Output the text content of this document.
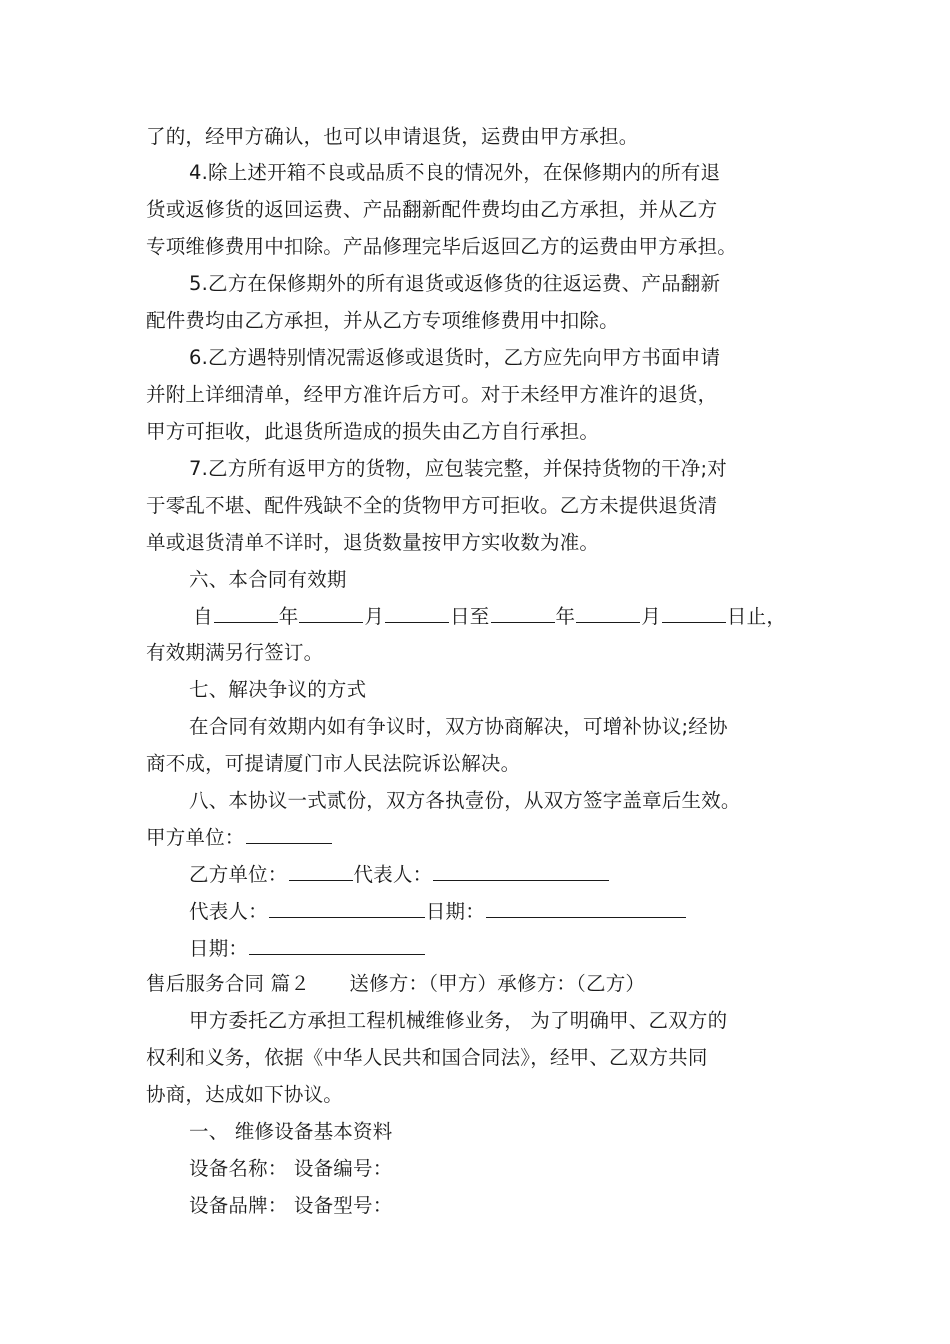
了的，经甲方确认，也可以申请退货，运费由甲方承担。
4.除上述开箱不良或品质不良的情况外，在保修期内的所有退
货或返修货的返回运费、产品翻新配件费均由乙方承担，并从乙方
专项维修费用中扣除。产品修理完毕后返回乙方的运费由甲方承担。
5.乙方在保修期外的所有退货或返修货的往返运费、产品翻新
配件费均由乙方承担，并从乙方专项维修费用中扣除。
6.乙方遇特别情况需返修或退货时，乙方应先向甲方书面申请
并附上详细清单，经甲方准许后方可。对于未经甲方准许的退货，
甲方可拒收，此退货所造成的损失由乙方自行承担。
7.乙方所有返甲方的货物，应包装完整，并保持货物的干净;对
于零乱不堪、配件残缺不全的货物甲方可拒收。乙方未提供退货清
单或退货清单不详时，退货数量按甲方实收数为准。
六、本合同有效期
自	年	月	日至	年	月	日止，
有效期满另行签订。
七、解决争议的方式
在合同有效期内如有争议时，双方协商解决，可增补协议;经协
商不成，可提请厦门市人民法院诉讼解决。
八、本协议一式贰份，双方各执壹份，从双方签字盖章后生效。
甲方单位：
乙方单位：	代表人：
代表人：	日期：
日期：
售后服务合同 篇２　　送修方：（甲方）承修方：（乙方）
甲方委托乙方承担工程机械维修业务， 为了明确甲、乙双方的
权利和义务，依据《中华人民共和国合同法》，经甲、乙双方共同
协商，达成如下协议。
一、 维修设备基本资料
设备名称： 设备编号：
设备品牌： 设备型号：
